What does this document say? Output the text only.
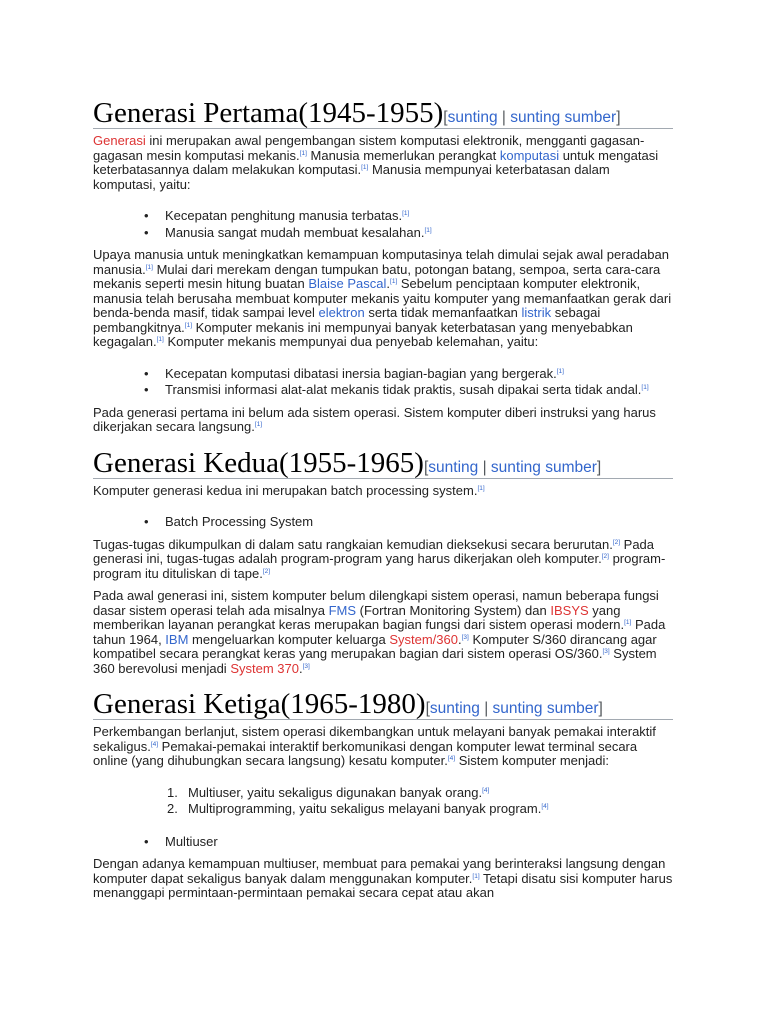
Generasi Pertama(1945-1955)[sunting | sunting sumber]

Generasi ini merupakan awal pengembangan sistem komputasi elektronik, mengganti gagasan-gagasan mesin komputasi mekanis.[1] Manusia memerlukan perangkat komputasi untuk mengatasi keterbatasannya dalam melakukan komputasi.[1] Manusia mempunyai keterbatasan dalam komputasi, yaitu:

• Kecepatan penghitung manusia terbatas.[1]
• Manusia sangat mudah membuat kesalahan.[1]

Upaya manusia untuk meningkatkan kemampuan komputasinya telah dimulai sejak awal peradaban manusia.[1] Mulai dari merekam dengan tumpukan batu, potongan batang, sempoa, serta cara-cara mekanis seperti mesin hitung buatan Blaise Pascal.[1] Sebelum penciptaan komputer elektronik, manusia telah berusaha membuat komputer mekanis yaitu komputer yang memanfaatkan gerak dari benda-benda masif, tidak sampai level elektron serta tidak memanfaatkan listrik sebagai pembangkitnya.[1] Komputer mekanis ini mempunyai banyak keterbatasan yang menyebabkan kegagalan.[1] Komputer mekanis mempunyai dua penyebab kelemahan, yaitu:

• Kecepatan komputasi dibatasi inersia bagian-bagian yang bergerak.[1]
• Transmisi informasi alat-alat mekanis tidak praktis, susah dipakai serta tidak andal.[1]

Pada generasi pertama ini belum ada sistem operasi. Sistem komputer diberi instruksi yang harus dikerjakan secara langsung.[1]

Generasi Kedua(1955-1965)[sunting | sunting sumber]

Komputer generasi kedua ini merupakan batch processing system.[1]

• Batch Processing System

Tugas-tugas dikumpulkan di dalam satu rangkaian kemudian dieksekusi secara berurutan.[2] Pada generasi ini, tugas-tugas adalah program-program yang harus dikerjakan oleh komputer.[2] program-program itu dituliskan di tape.[2]

Pada awal generasi ini, sistem komputer belum dilengkapi sistem operasi, namun beberapa fungsi dasar sistem operasi telah ada misalnya FMS (Fortran Monitoring System) dan IBSYS yang memberikan layanan perangkat keras merupakan bagian fungsi dari sistem operasi modern.[1] Pada tahun 1964, IBM mengeluarkan komputer keluarga System/360.[3] Komputer S/360 dirancang agar kompatibel secara perangkat keras yang merupakan bagian dari sistem operasi OS/360.[3] System 360 berevolusi menjadi System 370.[3]

Generasi Ketiga(1965-1980)[sunting | sunting sumber]

Perkembangan berlanjut, sistem operasi dikembangkan untuk melayani banyak pemakai interaktif sekaligus.[4] Pemakai-pemakai interaktif berkomunikasi dengan komputer lewat terminal secara online (yang dihubungkan secara langsung) kesatu komputer.[4] Sistem komputer menjadi:

1. Multiuser, yaitu sekaligus digunakan banyak orang.[4]
2. Multiprogramming, yaitu sekaligus melayani banyak program.[4]
• Multiuser

Dengan adanya kemampuan multiuser, membuat para pemakai yang berinteraksi langsung dengan komputer dapat sekaligus banyak dalam menggunakan komputer.[1] Tetapi disatu sisi komputer harus menanggapi permintaan-permintaan pemakai secara cepat atau akan
